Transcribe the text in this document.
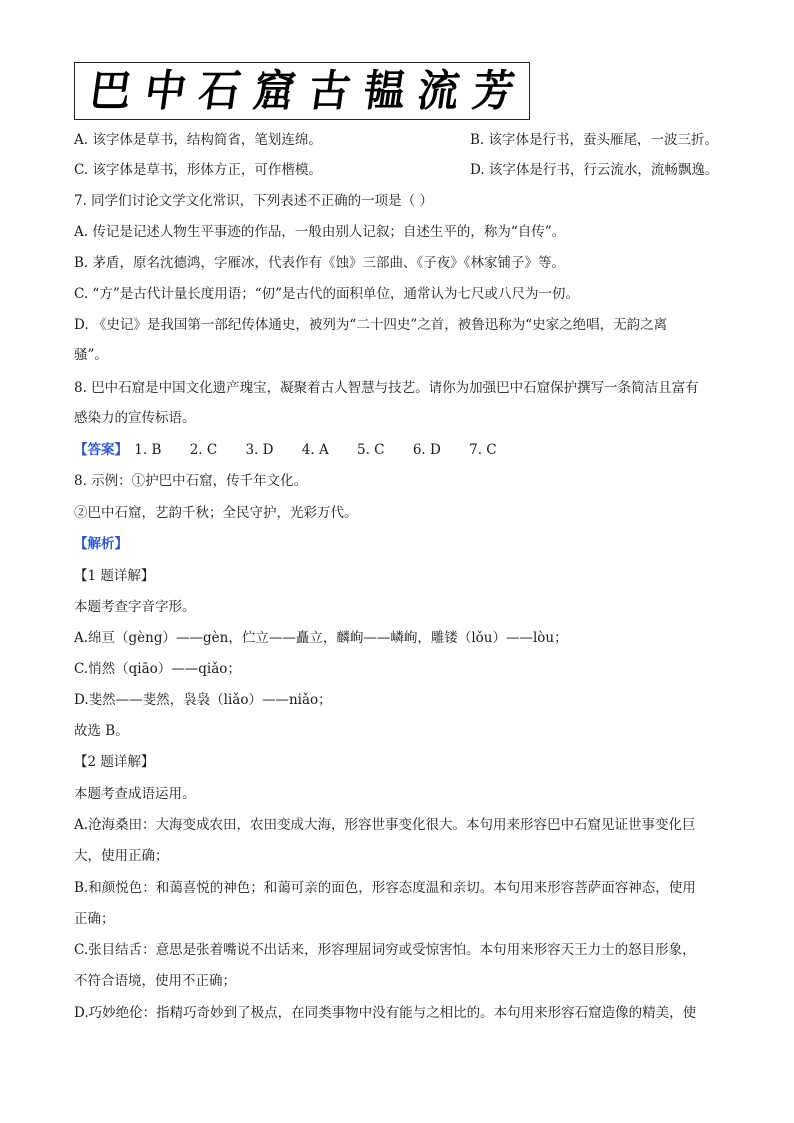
巴 中 石 窟 古 韫 流 芳
A. 该字体是草书，结构简省，笔划连绵。	B. 该字体是行书，蚕头雁尾，一波三折。
C. 该字体是草书，形体方正，可作楷模。	D. 该字体是行书，行云流水，流畅飘逸。
7. 同学们讨论文学文化常识，下列表述不正确的一项是（ ）
A. 传记是记述人物生平事迹的作品，一般由别人记叙；自述生平的，称为“自传”。
B. 茅盾，原名沈德鸿，字雁冰，代表作有《蚀》三部曲、《子夜》《林家铺子》等。
C. “方”是古代计量长度用语；“仞”是古代的面积单位，通常认为七尺或八尺为一仞。
D. 《史记》是我国第一部纪传体通史，被列为“二十四史”之首，被鲁迅称为“史家之绝唱，无韵之离
骚”。
8. 巴中石窟是中国文化遗产瑰宝，凝聚着古人智慧与技艺。请你为加强巴中石窟保护撰写一条简洁且富有
感染力的宣传标语。
【答案】 1. B 2. C 3. D 4. A 5. C 6. D 7. C
8. 示例：①护巴中石窟，传千年文化。
②巴中石窟，艺韵千秋；全民守护，光彩万代。
【解析】
【1 题详解】
本题考查字音字形。
A.绵亘（gèng）——gèn，伫立——矗立，麟峋——嶙峋，雕镂（lǒu）——lòu；
C.悄然（qiāo）——qiǎo；
D.斐然——斐然，袅袅（liǎo）——niǎo；
故选 B。
【2 题详解】
本题考查成语运用。
A.沧海桑田：大海变成农田，农田变成大海，形容世事变化很大。本句用来形容巴中石窟见证世事变化巨
大，使用正确；
B.和颜悦色：和蔼喜悦的神色；和蔼可亲的面色，形容态度温和亲切。本句用来形容菩萨面容神态，使用
正确；
C.张目结舌：意思是张着嘴说不出话来，形容理屈词穷或受惊害怕。本句用来形容天王力士的怒目形象，
不符合语境，使用不正确；
D.巧妙绝伦：指精巧奇妙到了极点，在同类事物中没有能与之相比的。本句用来形容石窟造像的精美，使
